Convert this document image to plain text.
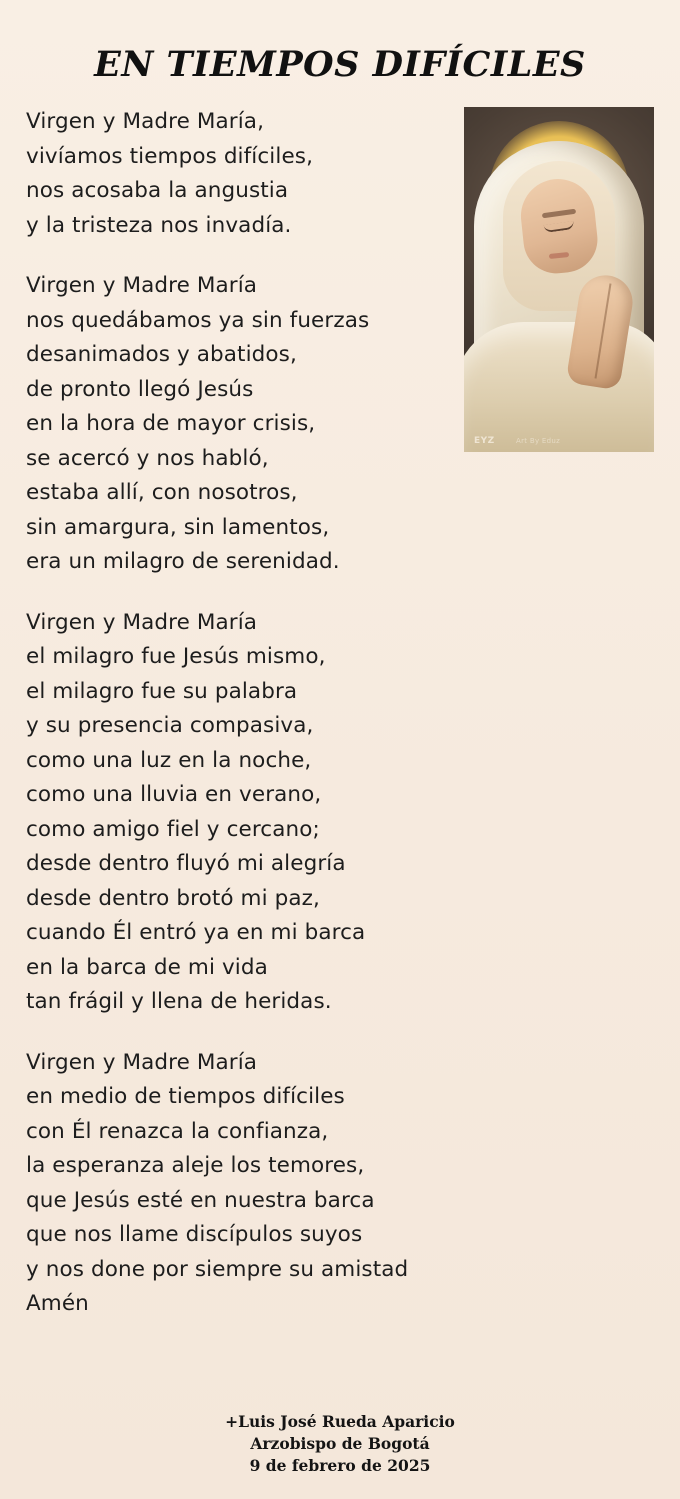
EN TIEMPOS DIFÍCILES
EYZ	Art By Eduz

Virgen y Madre María,
vivíamos tiempos difíciles,
nos acosaba la angustia
y la tristeza nos invadía.

Virgen y Madre María
nos quedábamos ya sin fuerzas
desanimados y abatidos,
de pronto llegó Jesús
en la hora de mayor crisis,
se acercó y nos habló,
estaba allí, con nosotros,
sin amargura, sin lamentos,
era un milagro de serenidad.

Virgen y Madre María
el milagro fue Jesús mismo,
el milagro fue su palabra
y su presencia compasiva,
como una luz en la noche,
como una lluvia en verano,
como amigo fiel y cercano;
desde dentro fluyó mi alegría
desde dentro brotó mi paz,
cuando Él entró ya en mi barca
en la barca de mi vida
tan frágil y llena de heridas.

Virgen y Madre María
en medio de tiempos difíciles
con Él renazca la confianza,
la esperanza aleje los temores,
que Jesús esté en nuestra barca
que nos llame discípulos suyos
y nos done por siempre su amistad
Amén

+Luis José Rueda Aparicio
Arzobispo de Bogotá
9 de febrero de 2025
